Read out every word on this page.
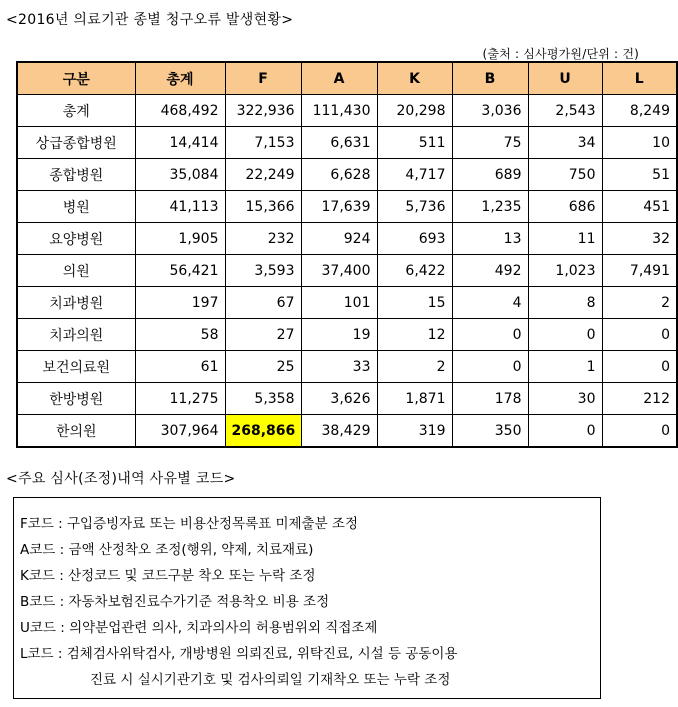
<2016년 의료기관 종별 청구오류 발생현황>
(출처 : 심사평가원/단위 : 건)
구분	총계	F	A	K	B	U	L
총계	468,492	322,936	111,430	20,298	3,036	2,543	8,249
상급종합병원	14,414	7,153	6,631	511	75	34	10
종합병원	35,084	22,249	6,628	4,717	689	750	51
병원	41,113	15,366	17,639	5,736	1,235	686	451
요양병원	1,905	232	924	693	13	11	32
의원	56,421	3,593	37,400	6,422	492	1,023	7,491
치과병원	197	67	101	15	4	8	2
치과의원	58	27	19	12	0	0	0
보건의료원	61	25	33	2	0	1	0
한방병원	11,275	5,358	3,626	1,871	178	30	212
한의원	307,964	268,866	38,429	319	350	0	0
<주요 심사(조정)내역 사유별 코드>
F코드 : 구입증빙자료 또는 비용산정목록표 미제출분 조정
A코드 : 금액 산정착오 조정(행위, 약제, 치료재료)
K코드 : 산정코드 및 코드구분 착오 또는 누락 조정
B코드 : 자동차보험진료수가기준 적용착오 비용 조정
U코드 : 의약분업관련 의사, 치과의사의 허용범위외 직접조제
L코드 : 검체검사위탁검사, 개방병원 의뢰진료, 위탁진료, 시설 등 공동이용
진료 시 실시기관기호 및 검사의뢰일 기재착오 또는 누락 조정
